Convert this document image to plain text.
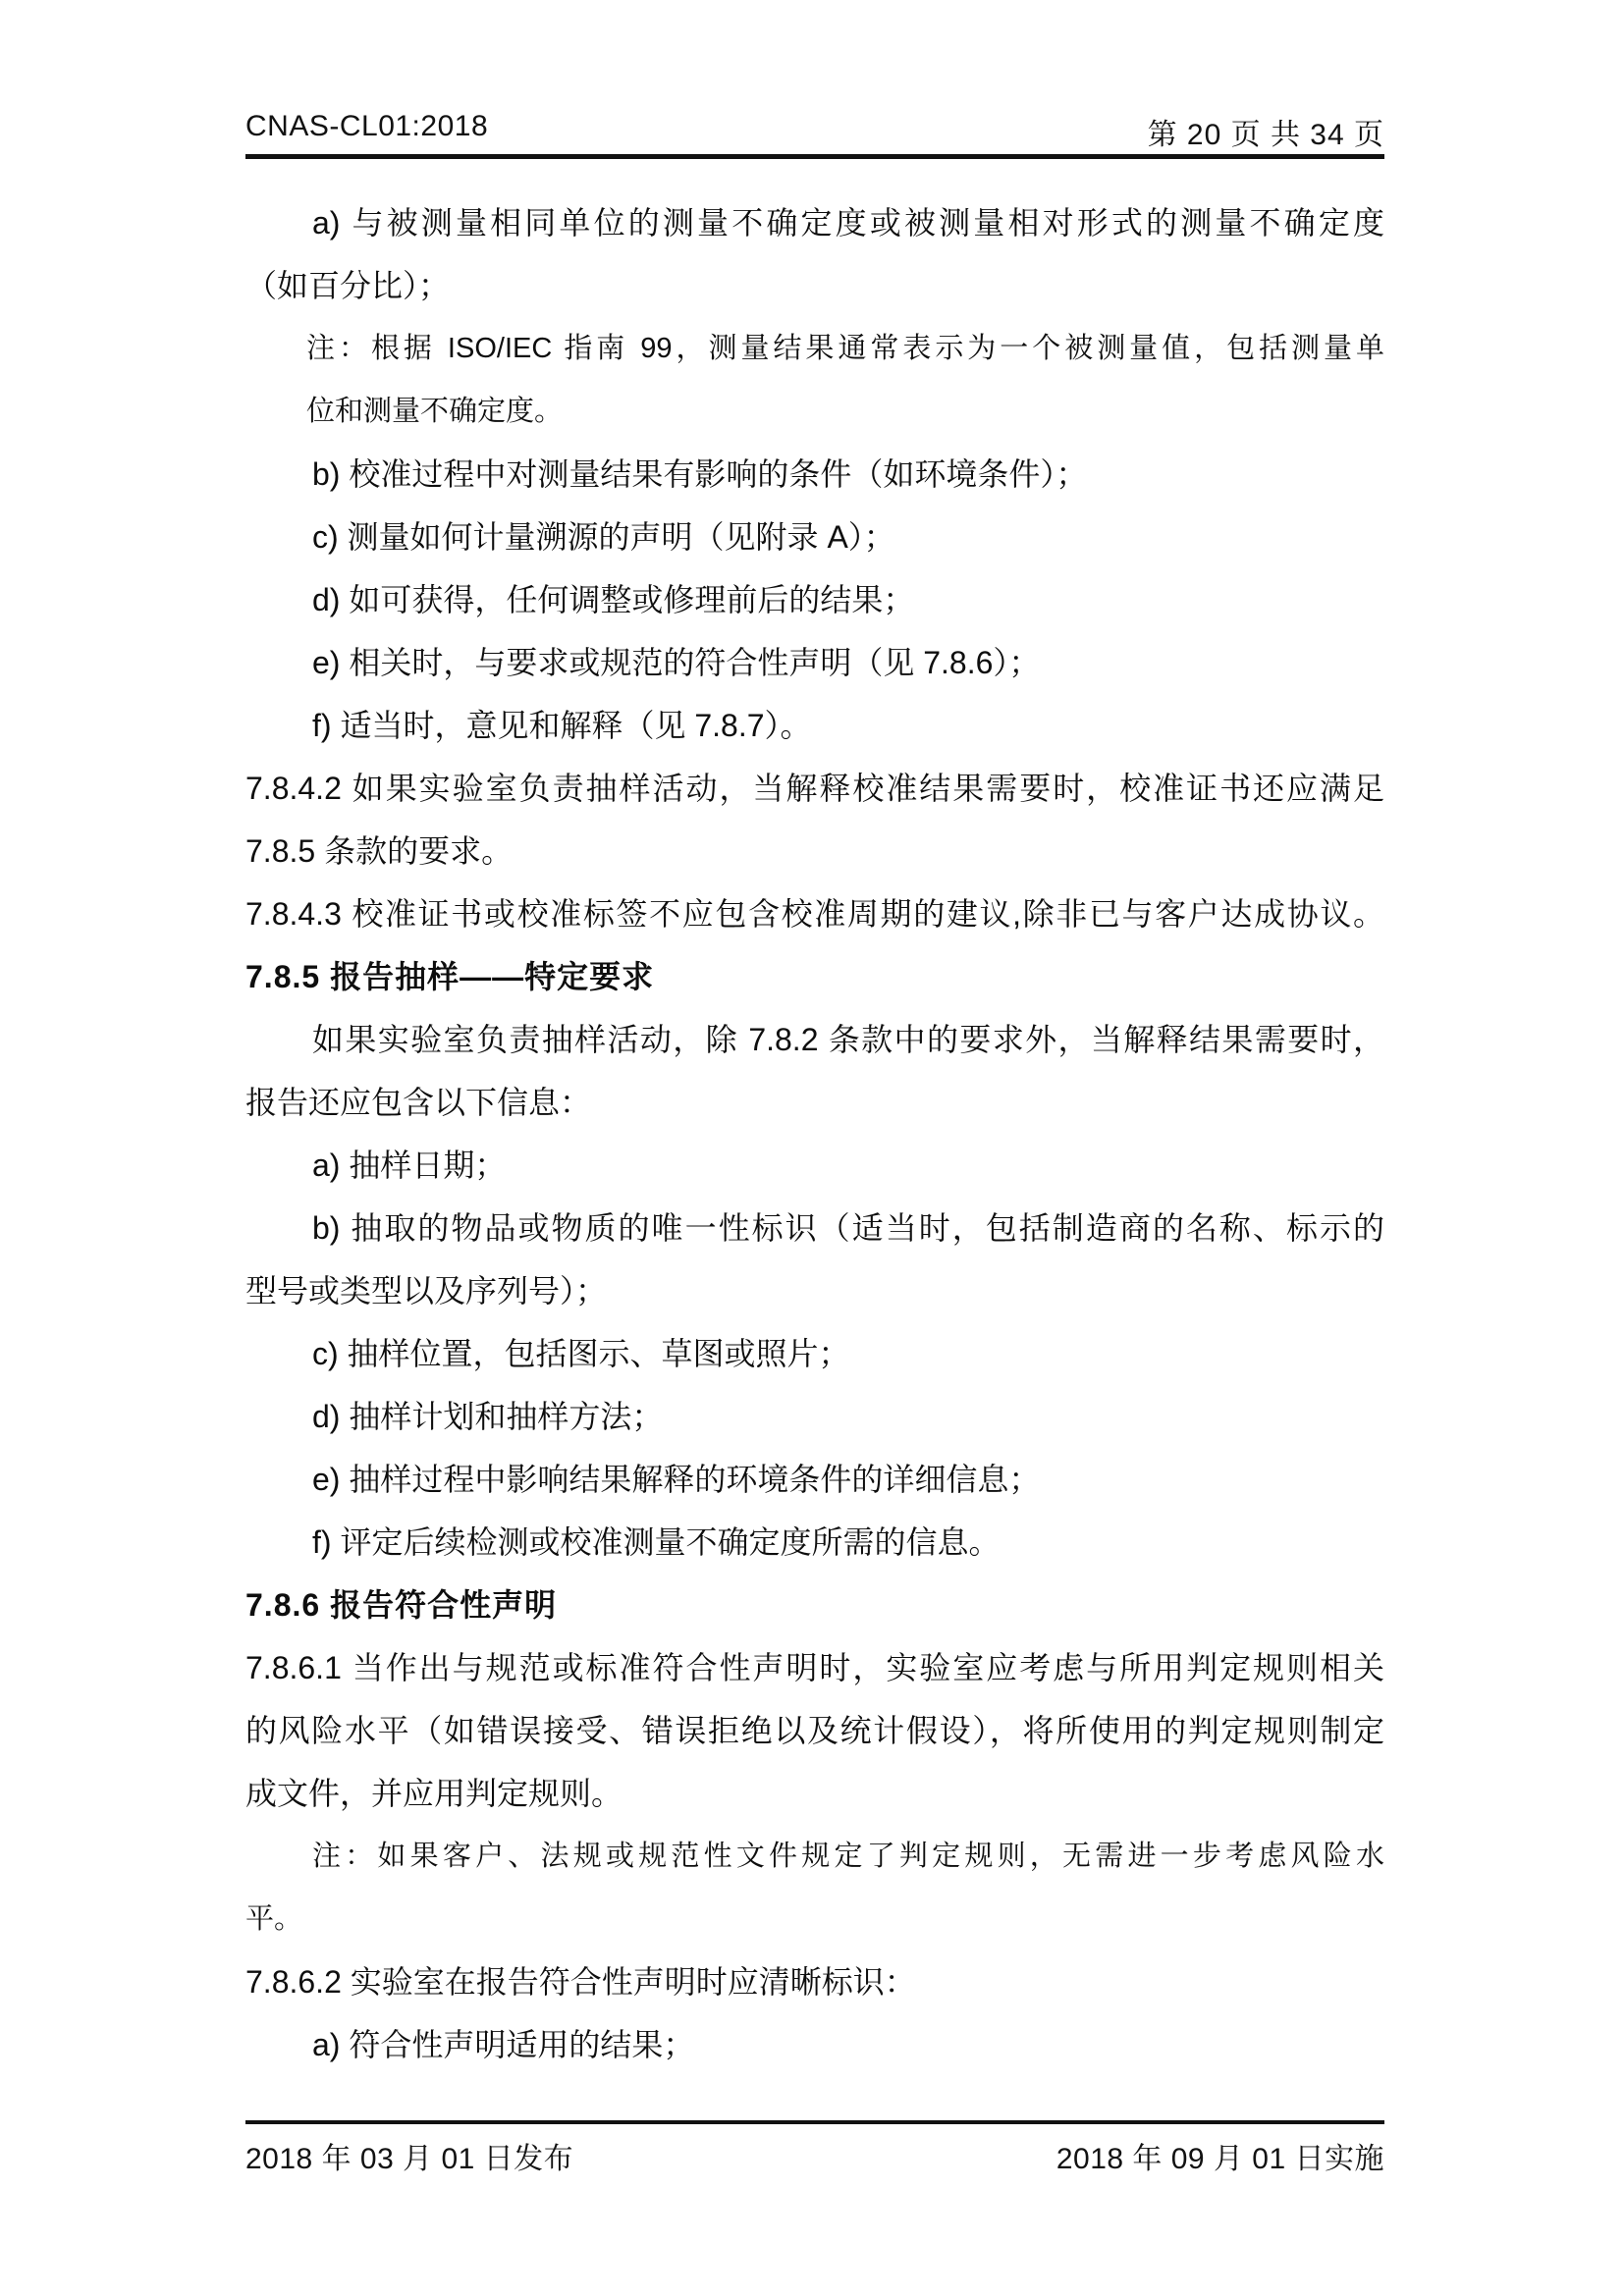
CNAS-CL01:2018	第 20 页 共 34 页
a) 与被测量相同单位的测量不确定度或被测量相对形式的测量不确定度
（如百分比）；
注：根据 ISO/IEC 指南 99，测量结果通常表示为一个被测量值，包括测量单
位和测量不确定度。
b) 校准过程中对测量结果有影响的条件（如环境条件）；
c) 测量如何计量溯源的声明（见附录 A）；
d) 如可获得，任何调整或修理前后的结果；
e) 相关时，与要求或规范的符合性声明（见 7.8.6）；
f) 适当时，意见和解释（见 7.8.7）。
7.8.4.2 如果实验室负责抽样活动，当解释校准结果需要时，校准证书还应满足
7.8.5 条款的要求。
7.8.4.3 校准证书或校准标签不应包含校准周期的建议,除非已与客户达成协议。
7.8.5 报告抽样——特定要求
如果实验室负责抽样活动，除 7.8.2 条款中的要求外，当解释结果需要时，
报告还应包含以下信息：
a) 抽样日期；
b) 抽取的物品或物质的唯一性标识（适当时，包括制造商的名称、标示的
型号或类型以及序列号）；
c) 抽样位置，包括图示、草图或照片；
d) 抽样计划和抽样方法；
e) 抽样过程中影响结果解释的环境条件的详细信息；
f) 评定后续检测或校准测量不确定度所需的信息。
7.8.6 报告符合性声明
7.8.6.1 当作出与规范或标准符合性声明时，实验室应考虑与所用判定规则相关
的风险水平（如错误接受、错误拒绝以及统计假设），将所使用的判定规则制定
成文件，并应用判定规则。
注：如果客户、法规或规范性文件规定了判定规则，无需进一步考虑风险水
平。
7.8.6.2 实验室在报告符合性声明时应清晰标识：
a) 符合性声明适用的结果；
2018 年 03 月 01 日发布	2018 年 09 月 01 日实施
